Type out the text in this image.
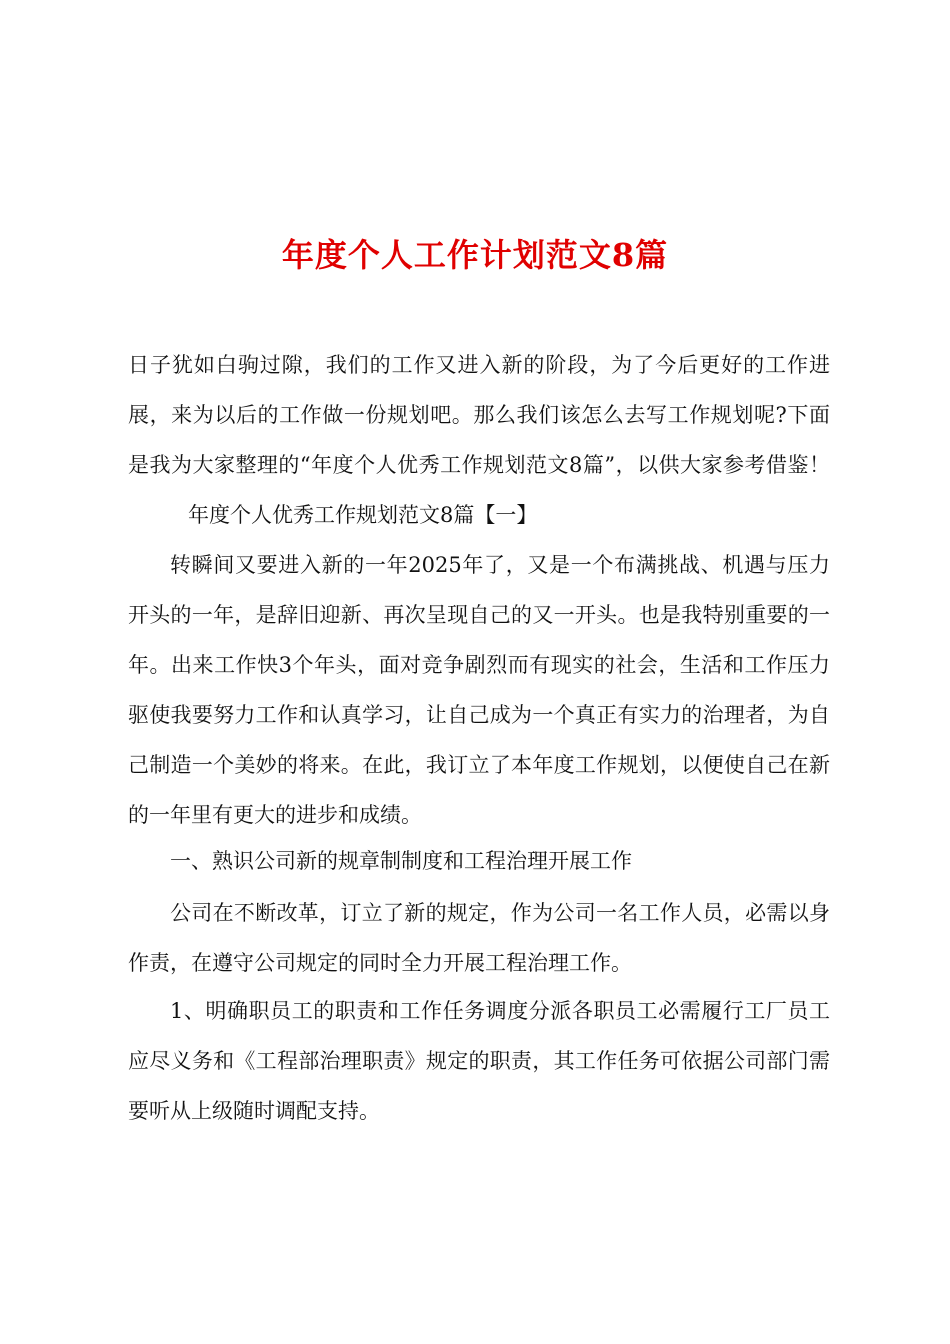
年度个人工作计划范文8篇

日子犹如白驹过隙，我们的工作又进入新的阶段，为了今后更好的工作进展，来为以后的工作做一份规划吧。那么我们该怎么去写工作规划呢?下面是我为大家整理的“年度个人优秀工作规划范文8篇”，以供大家参考借鉴！年度个人优秀工作规划范文8篇【一】

转瞬间又要进入新的一年2025年了，又是一个布满挑战、机遇与压力开头的一年，是辞旧迎新、再次呈现自己的又一开头。也是我特别重要的一年。出来工作快3个年头，面对竞争剧烈而有现实的社会，生活和工作压力驱使我要努力工作和认真学习，让自己成为一个真正有实力的治理者，为自己制造一个美妙的将来。在此，我订立了本年度工作规划，以便使自己在新的一年里有更大的进步和成绩。

一、熟识公司新的规章制制度和工程治理开展工作

公司在不断改革，订立了新的规定，作为公司一名工作人员，必需以身作责，在遵守公司规定的同时全力开展工程治理工作。

1、明确职员工的职责和工作任务调度分派各职员工必需履行工厂员工应尽义务和《工程部治理职责》规定的职责，其工作任务可依据公司部门需要听从上级随时调配支持。
